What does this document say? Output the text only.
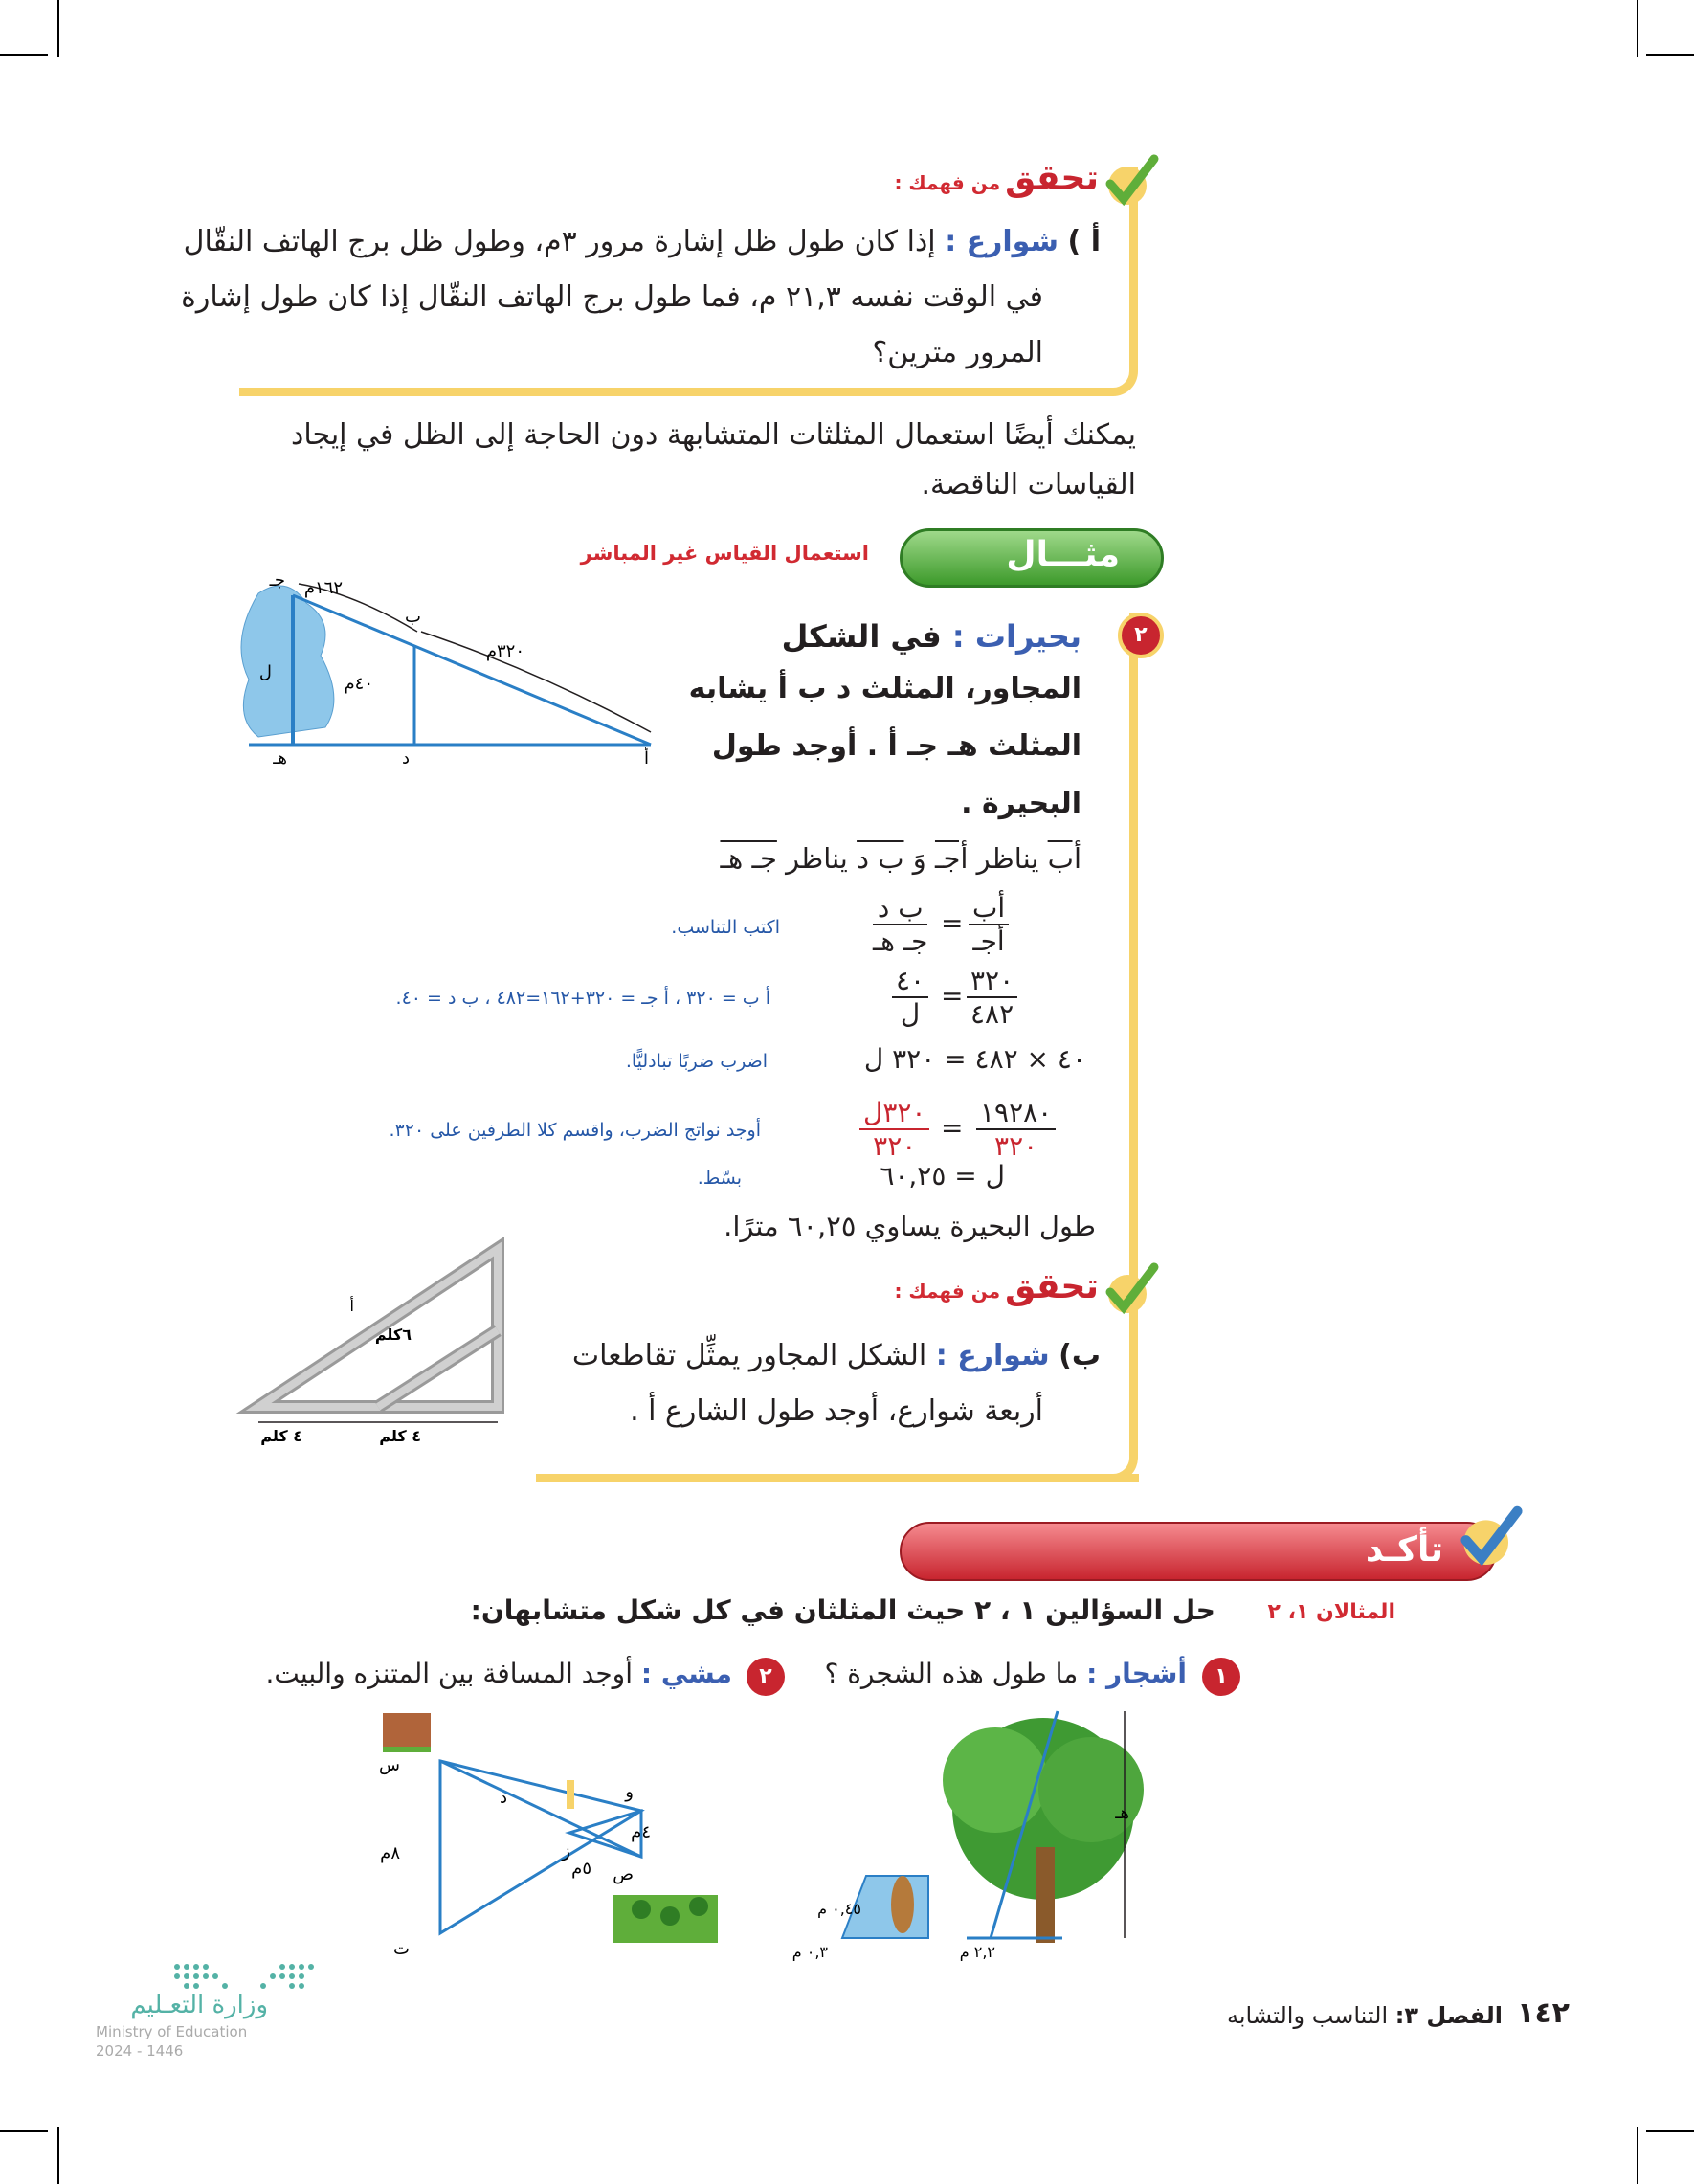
تحقق من فهمك :
أ ) شوارع : إذا كان طول ظل إشارة مرور ٣م، وطول ظل برج الهاتف النقّال
في الوقت نفسه ٢١,٣ م، فما طول برج الهاتف النقّال إذا كان طول إشارة
المرور مترين؟
يمكنك أيضًا استعمال المثلثات المتشابهة دون الحاجة إلى الظل في إيجاد
القياسات الناقصة.
مثـــال
استعمال القياس غير المباشر
٢
بحيرات : في الشكل
المجاور، المثلث د ب أ يشابه
المثلث هـ جـ أ . أوجد طول
البحيرة .
أب يناظر أجـ وَ ب د يناظر جـ هـ
أب
أجـ
=
ب د
جـ هـ
اكتب التناسب.
٣٢٠
٤٨٢
=
٤٠
ل
أ ب = ٣٢٠ ، أ جـ = ٣٢٠+١٦٢=٤٨٢ ، ب د = ٤٠.
٤٠ × ٤٨٢ = ٣٢٠ ل
اضرب ضربًا تبادليًّا.
١٩٢٨٠
٣٢٠
=
٣٢٠ل
٣٢٠
أوجد نواتج الضرب، واقسم كلا الطرفين على ٣٢٠.
ل = ٦٠,٢٥
بسّط.
طول البحيرة يساوي ٦٠,٢٥ مترًا.
جـ
ب
هـ	د	أ
ل
١٦٢م
٣٢٠م
٤٠م
تحقق من فهمك :
ب) شوارع : الشكل المجاور يمثِّل تقاطعات
أربعة شوارع، أوجد طول الشارع أ .
أ
٦كلم
٤ كلم	٤ كلم
تأكـد
المثالان ١، ٢
حل السؤالين ١ ، ٢ حيث المثلثان في كل شكل متشابهان:
١
أشجار : ما طول هذه الشجرة ؟
٢
مشي : أوجد المسافة بين المتنزه والبيت.
هـ
٠,٤٥ م
٠,٣ م	٢,٢ م
س
ت
د	و
ز
ص
٨م
٤م
٥م
١٤٢
الفصل ٣: التناسب والتشابه
وزارة التعـليم
Ministry of Education
2024 - 1446
